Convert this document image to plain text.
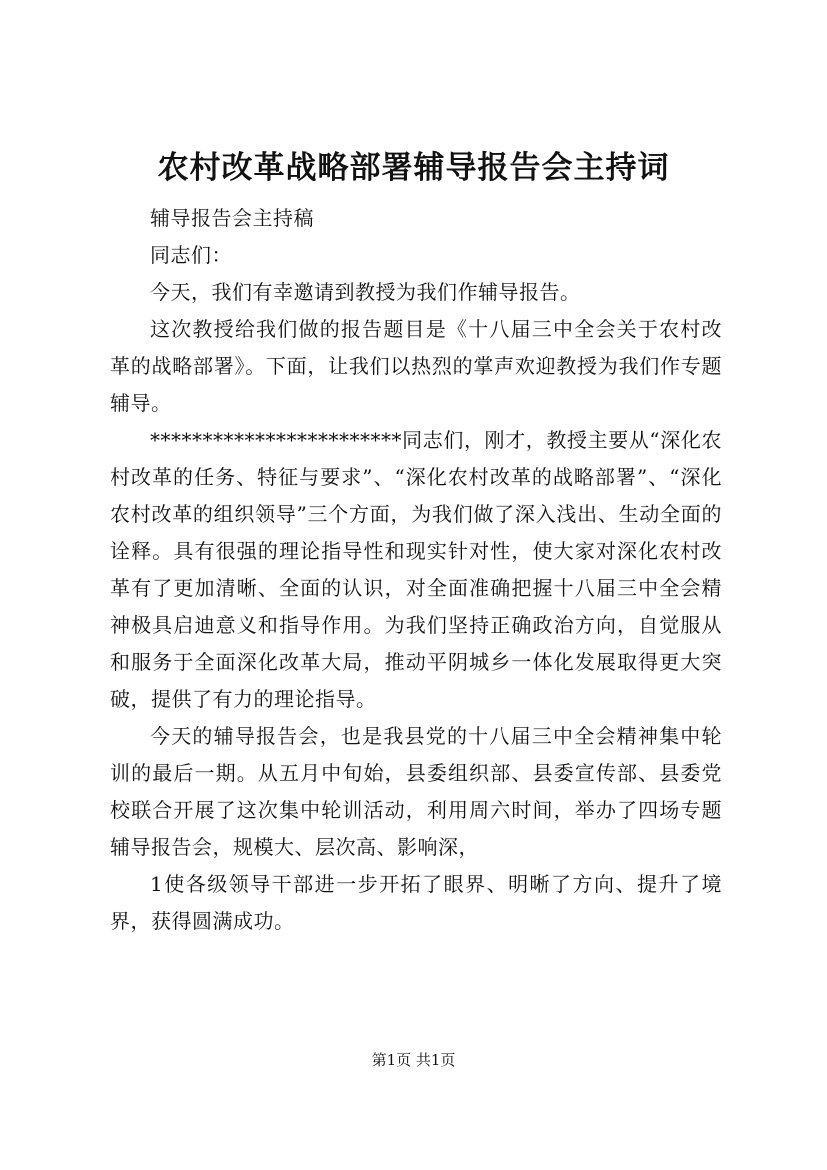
农村改革战略部署辅导报告会主持词

辅导报告会主持稿

同志们：

今天，我们有幸邀请到教授为我们作辅导报告。

这次教授给我们做的报告题目是《十八届三中全会关于农村改革的战略部署》。下面，让我们以热烈的掌声欢迎教授为我们作专题辅导。

************************同志们，刚才，教授主要从“深化农村改革的任务、特征与要求”、“深化农村改革的战略部署”、“深化农村改革的组织领导”三个方面，为我们做了深入浅出、生动全面的诠释。具有很强的理论指导性和现实针对性，使大家对深化农村改革有了更加清晰、全面的认识，对全面准确把握十八届三中全会精神极具启迪意义和指导作用。为我们坚持正确政治方向，自觉服从和服务于全面深化改革大局，推动平阴城乡一体化发展取得更大突破，提供了有力的理论指导。

今天的辅导报告会，也是我县党的十八届三中全会精神集中轮训的最后一期。从五月中旬始，县委组织部、县委宣传部、县委党校联合开展了这次集中轮训活动，利用周六时间，举办了四场专题辅导报告会，规模大、层次高、影响深，

1使各级领导干部进一步开拓了眼界、明晰了方向、提升了境界，获得圆满成功。

第1页 共1页
